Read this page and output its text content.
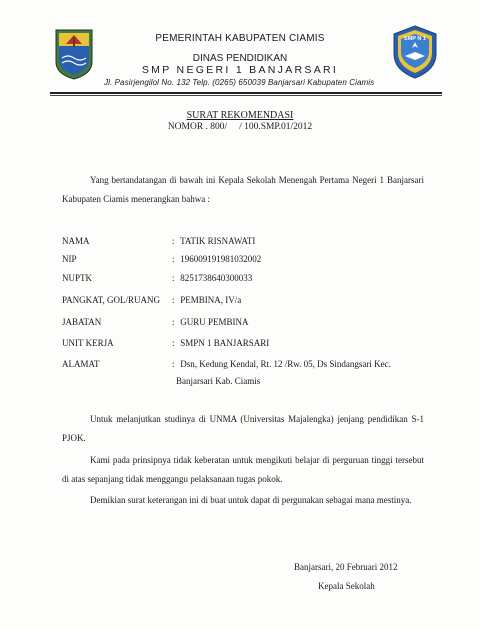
SMP N 1
PEMERINTAH KABUPATEN CIAMIS
DINAS PENDIDIKAN
SMP NEGERI 1 BANJARSARI
Jl. Pasirjengilol No. 132 Telp. (0265) 650039 Banjarsari Kabupaten Ciamis
SURAT REKOMENDASI
NOMOR . 800/     / 100.SMP.01/2012

Yang bertandatangan di bawah ini Kepala Sekolah Menengah Pertama Negeri 1 Banjarsari Kabupaten Ciamis menerangkan bahwa :

NAMA	: TATIK RISNAWATI
NIP	: 196009191981032002
NUPTK	: 8251738640300033
PANGKAT, GOL/RUANG : PEMBINA, IV/a
JABATAN	: GURU PEMBINA
UNIT KERJA	: SMPN 1 BANJARSARI
ALAMAT	: Dsn, Kedung Kendal, Rt. 12 /Rw. 05, Ds Sindangsari Kec.
Banjarsari Kab. Ciamis

Untuk melanjutkan studinya di UNMA (Universitas Majalengka) jenjang pendidikan S-1 PJOK.

Kami pada prinsipnya tidak keberatan untuk mengikuti belajar di perguruan tinggi tersebut di atas sepanjang tidak menggangu pelaksanaan tugas pokok.

Demikian surat keterangan ini di buat untuk dapat di pergunakan sebagai mana mestinya.

Banjarsari, 20 Februari 2012
Kepala Sekolah
